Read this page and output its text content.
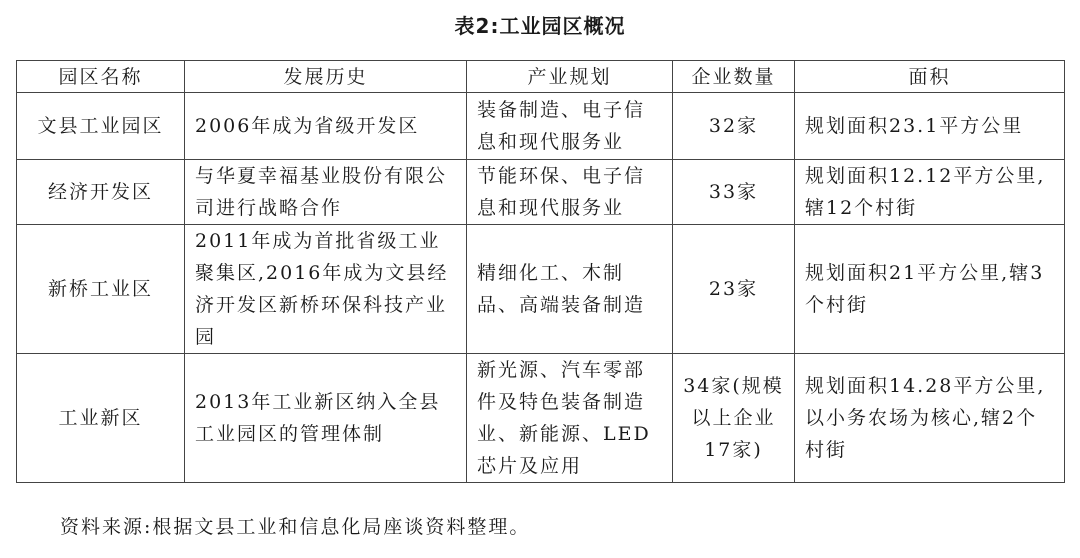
表2:工业园区概况
园区名称	发展历史	产业规划	企业数量	面积
文县工业园区	2006年成为省级开发区	装备制造、电子信息和现代服务业	32家	规划面积23.1平方公里
经济开发区	与华夏幸福基业股份有限公司进行战略合作	节能环保、电子信息和现代服务业	33家	规划面积12.12平方公里,辖12个村街
新桥工业区	2011年成为首批省级工业聚集区,2016年成为文县经济开发区新桥环保科技产业园	精细化工、木制品、高端装备制造	23家	规划面积21平方公里,辖3个村街
工业新区	2013年工业新区纳入全县工业园区的管理体制	新光源、汽车零部件及特色装备制造业、新能源、LED芯片及应用	34家(规模以上企业17家)	规划面积14.28平方公里,以小务农场为核心,辖2个村街
资料来源:根据文县工业和信息化局座谈资料整理。
